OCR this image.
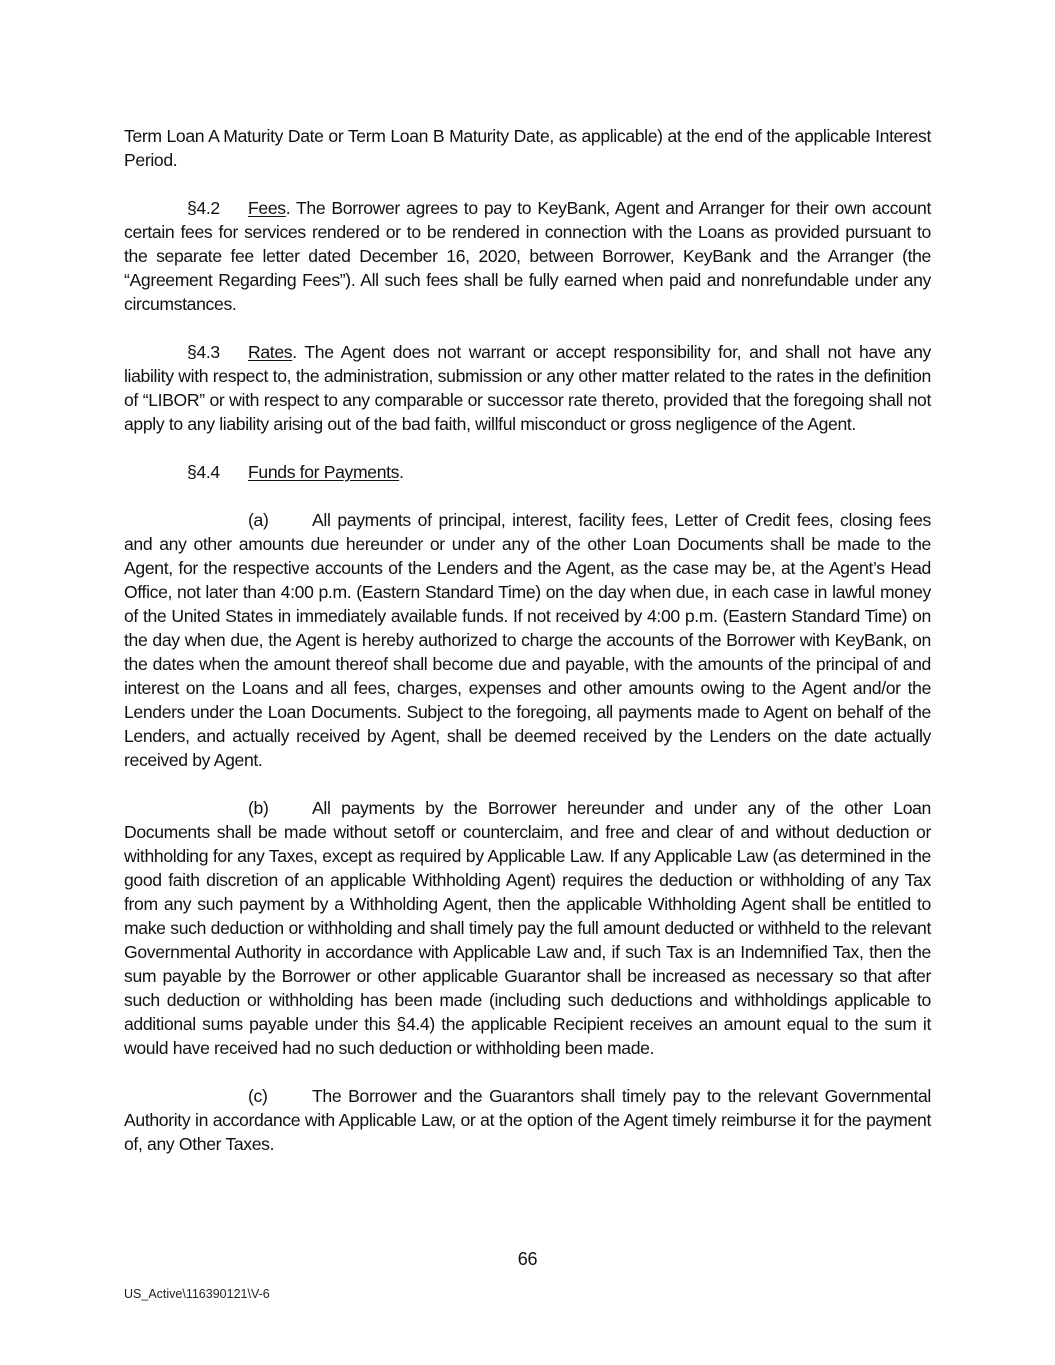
Term Loan A Maturity Date or Term Loan B Maturity Date, as applicable) at the end of the applicable Interest Period.

§4.2 Fees. The Borrower agrees to pay to KeyBank, Agent and Arranger for their own account certain fees for services rendered or to be rendered in connection with the Loans as provided pursuant to the separate fee letter dated December 16, 2020, between Borrower, KeyBank and the Arranger (the “Agreement Regarding Fees”). All such fees shall be fully earned when paid and nonrefundable under any circumstances.

§4.3 Rates. The Agent does not warrant or accept responsibility for, and shall not have any liability with respect to, the administration, submission or any other matter related to the rates in the definition of “LIBOR” or with respect to any comparable or successor rate thereto, provided that the foregoing shall not apply to any liability arising out of the bad faith, willful misconduct or gross negligence of the Agent.

§4.4 Funds for Payments.

(a) All payments of principal, interest, facility fees, Letter of Credit fees, closing fees and any other amounts due hereunder or under any of the other Loan Documents shall be made to the Agent, for the respective accounts of the Lenders and the Agent, as the case may be, at the Agent’s Head Office, not later than 4:00 p.m. (Eastern Standard Time) on the day when due, in each case in lawful money of the United States in immediately available funds. If not received by 4:00 p.m. (Eastern Standard Time) on the day when due, the Agent is hereby authorized to charge the accounts of the Borrower with KeyBank, on the dates when the amount thereof shall become due and payable, with the amounts of the principal of and interest on the Loans and all fees, charges, expenses and other amounts owing to the Agent and/or the Lenders under the Loan Documents. Subject to the foregoing, all payments made to Agent on behalf of the Lenders, and actually received by Agent, shall be deemed received by the Lenders on the date actually received by Agent.

(b) All payments by the Borrower hereunder and under any of the other Loan Documents shall be made without setoff or counterclaim, and free and clear of and without deduction or withholding for any Taxes, except as required by Applicable Law. If any Applicable Law (as determined in the good faith discretion of an applicable Withholding Agent) requires the deduction or withholding of any Tax from any such payment by a Withholding Agent, then the applicable Withholding Agent shall be entitled to make such deduction or withholding and shall timely pay the full amount deducted or withheld to the relevant Governmental Authority in accordance with Applicable Law and, if such Tax is an Indemnified Tax, then the sum payable by the Borrower or other applicable Guarantor shall be increased as necessary so that after such deduction or withholding has been made (including such deductions and withholdings applicable to additional sums payable under this §4.4) the applicable Recipient receives an amount equal to the sum it would have received had no such deduction or withholding been made.

(c)	The Borrower and the Guarantors shall timely pay to the relevant Governmental Authority in accordance with Applicable Law, or at the option of the Agent timely reimburse it for the payment of, any Other Taxes.

66
US_Active\116390121\V-6
